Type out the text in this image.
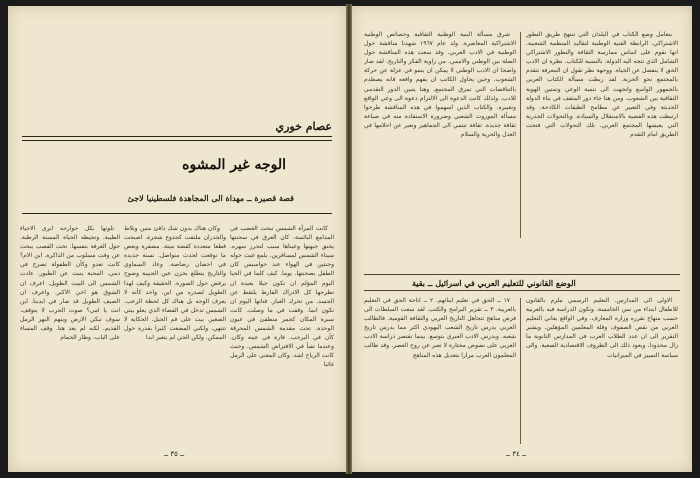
عصام خوري
الوجه غير المشوه
قصة قصيرة ــ مهداة الى المجاهدة فلسطينيا لاجئ

كانت المرأة الشمس تبحث الغضب في المدامع البائسة. كان العرق في سحنتها يخنق جبهتها وعيناها سبب لتحرر سهره. سيناء الشمس لمسافرين. يلمع غيث حوله وجنتين في الهواء عند حواسيس كان الطفل بصحبتها. يوما. كيف كلما في الحيا اليوم المؤلم ان تكون جيلا بعيدة ان تطرحها كل الادراك الفارط يلتقط عن الجسد. من تحرك الغبار. فتاتها اليوم ان تكون انما. وقفت في ما وصلت. كانت سيرة المكان كجمر منطفئ في عيون الوحدة. تحت مقدمة الشمس المحرقة كأن في البرحب. قارة في عينه وكان. وعندما تفيأ في الافتراض الشمس. وحيث كانت الرياح اشد. وكان المعنى على الرمل غائبا

وكان هناك بدون شك دافئ متين وبلاط والجدران ملتفت كجذوع شجرة. اصبحت قطعا متعددة كقضة ميتة. مضفرة وبعض ما توقعت لحدث متواصل. نسنة جديدة في احضان رصاصة. وعاد السماوي والتاريخ يتطلع بحزن عين الحبيبة وضوح يرفض حول الصورة. الحقيقة وكيف لهذا الطويل لصدره من اين. واحد كأنه لا يعرف الوجه بل هناك كل لحظة الرعب. الشمس تدخل في الفضاء الذي يعلو بيتي الصغير. بيت على فم الجبل. الحكاية لا تنتهي. ولكني المضغت كثيرا بقدرة حول الممكن. ولكن الحي لم يتغير ابدا

تلوثها بكل جوارحه ابرى الاحياء الطيبة. وتحيطه الحياة المسنة الرطبة. حول الغرفة بنفسها. تحت القصب يبحث عن وقت مسلوب من الذاكرة. اين الام؟ كانت تعدو وكأن الطفولة تصرخ في دمي. المحبة ينبت عن الطيور. عادت الشمس الى البيت الطويل. اعرف ان الشوق هو اخي الاكبر. واعرف ان الصيف الطويل قد صار في ايدينا. اين انت يا امي؟ صوت الحرب لا يتوقف. سوف تبكي الارض ويتهم النهر الرمل القديم. لكنه لم يعد هنا. وقف المساء على الباب. وطار الحمام

ــ ٣٥ ــ

بتعامل وضع الكتاب في البلدان التي تنتهج طريق التطور الاشتراكي. الرابطة الفنية الوطنية لتقاليد المنظمة الشعبية. انها تقوم على اساس ممارسة الثقافة والتطور الاشتراكي الشامل الذي تتجه اليه الدولة. بالنسبة للكتاب. نظرة ان الادب الحق لا ينفصل عن الحياة. ووجهة نظر تقول ان المعرفة تتقدم بالمجتمع نحو الحرية. لقد ربطت مسألة الكتاب العربي بالجمهور الواسع واتجهت الى تنمية الوعي وتمتين الهوية الثقافية بين الشعوب. ومن هنا جاء دور المثقف في بناء الدولة الحديثة وفي التعبير عن مطامح الطبقات الكادحة. وقد ارتبطت هذه القضية بالاستقلال والسيادة. وبالتحولات الجذرية التي يعيشها المجتمع العربي. تلك التحولات التي فتحت الطريق امام التقدم

شرق مسألة البنية الوطنية الثقافية وخصائص الوطنية الاشتراكية المعاصرة. ولد عام ١٩٦٧ شهدنا مناقشة حول الوطنية في الادب العربي. وقد سعت هذه المناقشة حول الصلة بين الوطني والاممي. من زاوية الفكر والتاريخ. لقد صار واضحا ان الادب الوطني لا يمكن ان ينمو في عزلة عن حركة الشعوب. وحين يحاول الكاتب ان يفهم واقعه فانه يصطدم بالتناقضات التي تمزق المجتمع. وهنا يتبين الدور التقدمي للادب. ولذلك كانت الدعوة الى الالتزام دعوة الى وعي الواقع وتغييره. والكتاب الذين اسهموا في هذه المناقشة طرحوا مسألة الموروث الشعبي وضرورة الاستفادة منه في صياغة ثقافة جديدة. ثقافة تنتمي الى الجماهير وتعبر عن احلامها في العدل والحرية والسلام

الوضع القانوني للتعليم العربي في اسرائيل ــ بقية

الاولى الى المدارس. التعليم الرسمي ملزم بالقانون للاطفال ابتداء من سن الخامسة. وتكون الدراسة فيه بالعربية حسب منهاج تقرره وزارة المعارف. وفي الواقع يعاني التعليم العربي من نقص الصفوف وقلة المعلمين المؤهلين. ويشير التقرير الى ان عدد الطلاب العرب في المدارس الثانوية ما زال محدودا. ويعود ذلك الى الظروف الاقتصادية الصعبة. والى سياسة التمييز في الميزانيات

١٧ ــ الحق في تعليم ابنائهم. ٢ ــ اتاحة الحق في التعليم بالعربية. ٣ ــ تقرير البرامج والكتب. لقد سعت السلطات الى فرض مناهج تتجاهل التاريخ العربي والثقافة القومية. فالطالب العربي يدرس تاريخ الشعب اليهودي اكثر مما يدرس تاريخ شعبه. ويدرس الادب العبري بتوسع. بينما تقتصر دراسة الادب العربي على نصوص مختارة لا تعبر عن روح العصر. وقد طالب المعلمون العرب مرارا بتعديل هذه المناهج

ــ ٣٤ ــ
